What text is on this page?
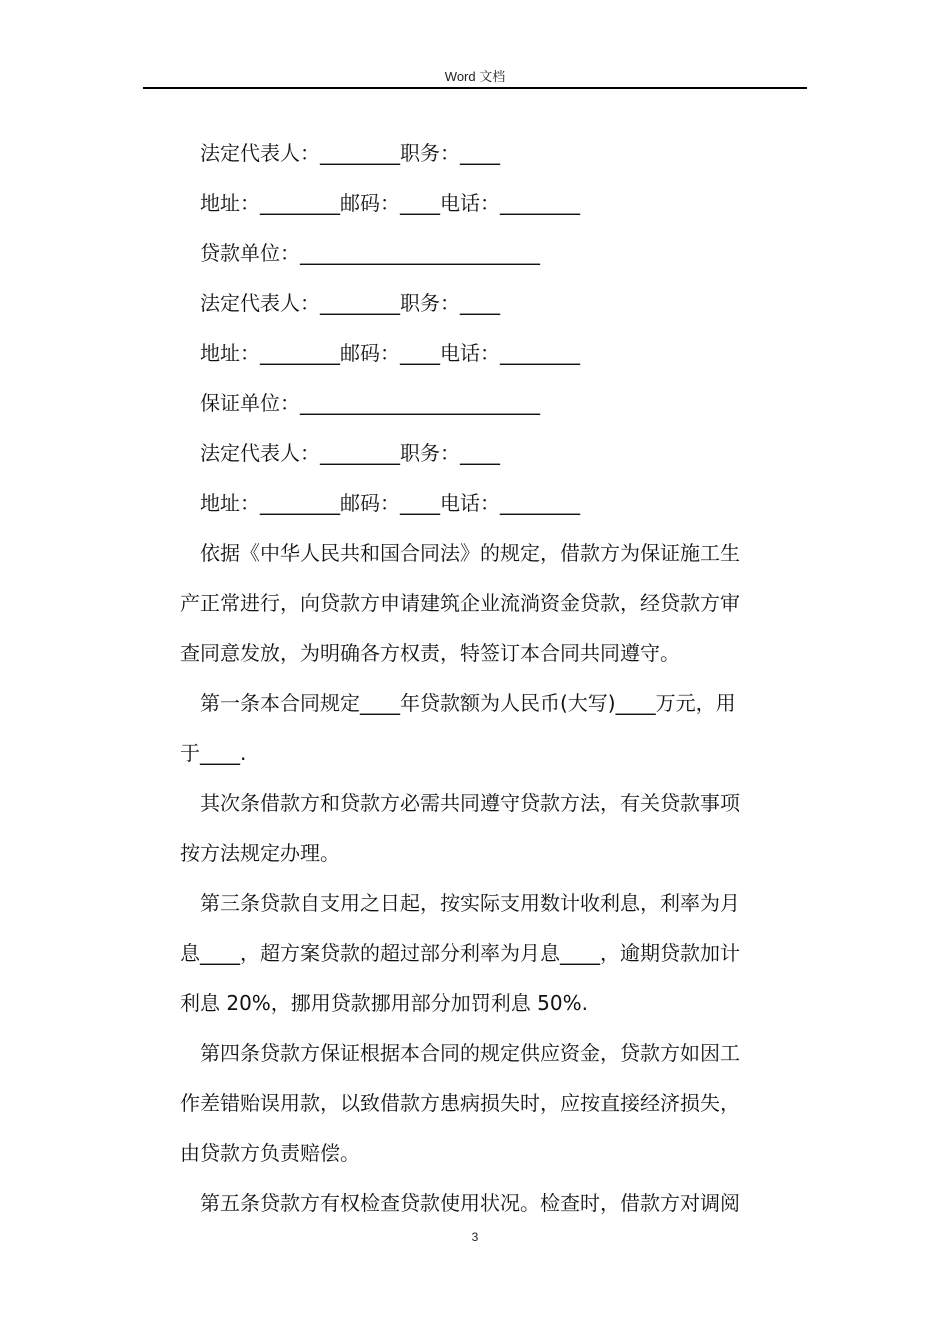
Word 文档
法定代表人：________职务：____
地址：________邮码：____电话：________
贷款单位：________________________
法定代表人：________职务：____
地址：________邮码：____电话：________
保证单位：________________________
法定代表人：________职务：____
地址：________邮码：____电话：________
依据《中华人民共和国合同法》的规定，借款方为保证施工生
产正常进行，向贷款方申请建筑企业流淌资金贷款，经贷款方审
查同意发放，为明确各方权责，特签订本合同共同遵守。
第一条本合同规定____年贷款额为人民币(大写)____万元，用
于____.
其次条借款方和贷款方必需共同遵守贷款方法，有关贷款事项
按方法规定办理。
第三条贷款自支用之日起，按实际支用数计收利息，利率为月
息____，超方案贷款的超过部分利率为月息____，逾期贷款加计
利息 20%，挪用贷款挪用部分加罚利息 50%.
第四条贷款方保证根据本合同的规定供应资金，贷款方如因工
作差错贻误用款，以致借款方患病损失时，应按直接经济损失，
由贷款方负责赔偿。
第五条贷款方有权检查贷款使用状况。检查时，借款方对调阅
3
